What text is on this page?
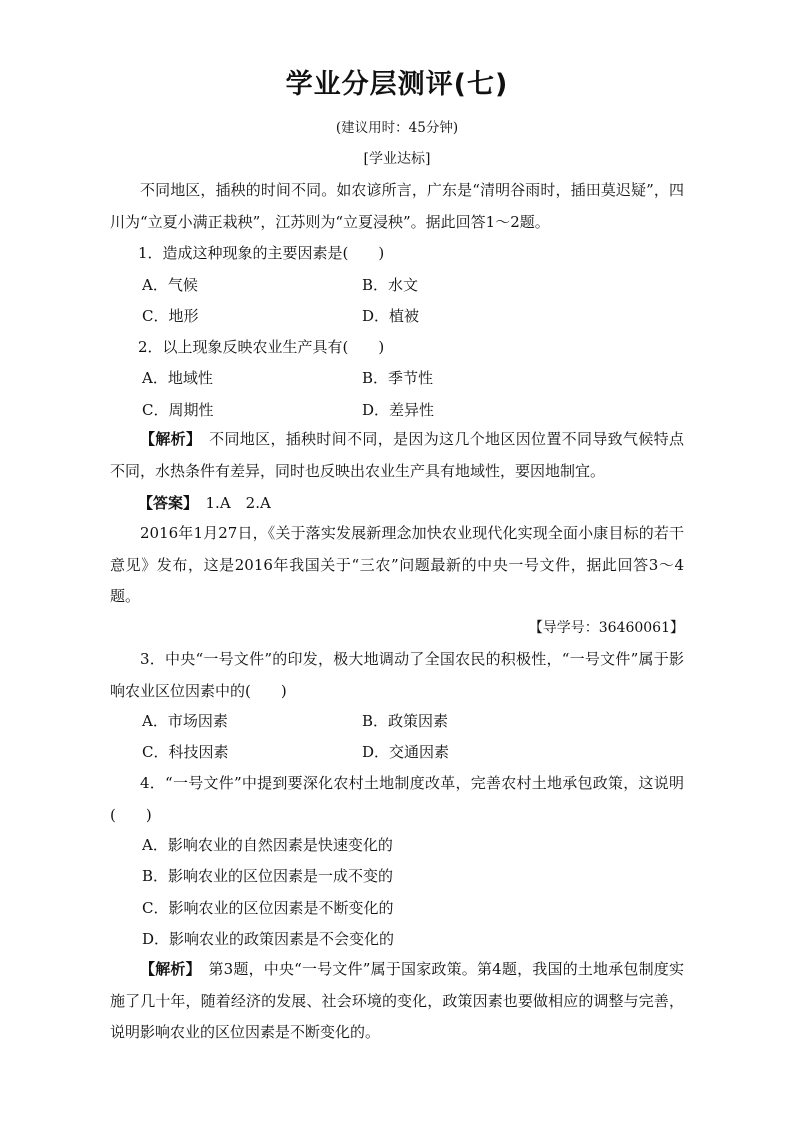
学业分层测评(七)
(建议用时：45分钟)
[学业达标]
不同地区，插秧的时间不同。如农谚所言，广东是“清明谷雨时，插田莫迟疑”，四川为“立夏小满正栽秧”，江苏则为“立夏浸秧”。据此回答1～2题。
1．造成这种现象的主要因素是(　　)
A．气候	B．水文
C．地形	D．植被
2．以上现象反映农业生产具有(　　)
A．地域性	B．季节性
C．周期性	D．差异性
【解析】　不同地区，插秧时间不同，是因为这几个地区因位置不同导致气候特点不同，水热条件有差异，同时也反映出农业生产具有地域性，要因地制宜。
【答案】　1.A　2.A
2016年1月27日，《关于落实发展新理念加快农业现代化实现全面小康目标的若干意见》发布，这是2016年我国关于“三农”问题最新的中央一号文件，据此回答3～4题。
【导学号：36460061】
3．中央“一号文件”的印发，极大地调动了全国农民的积极性，“一号文件”属于影响农业区位因素中的(　　)
A．市场因素	B．政策因素
C．科技因素	D．交通因素
4．“一号文件”中提到要深化农村土地制度改革，完善农村土地承包政策，这说明(　　)
A．影响农业的自然因素是快速变化的
B．影响农业的区位因素是一成不变的
C．影响农业的区位因素是不断变化的
D．影响农业的政策因素是不会变化的
【解析】　第3题，中央“一号文件”属于国家政策。第4题，我国的土地承包制度实施了几十年，随着经济的发展、社会环境的变化，政策因素也要做相应的调整与完善，说明影响农业的区位因素是不断变化的。
